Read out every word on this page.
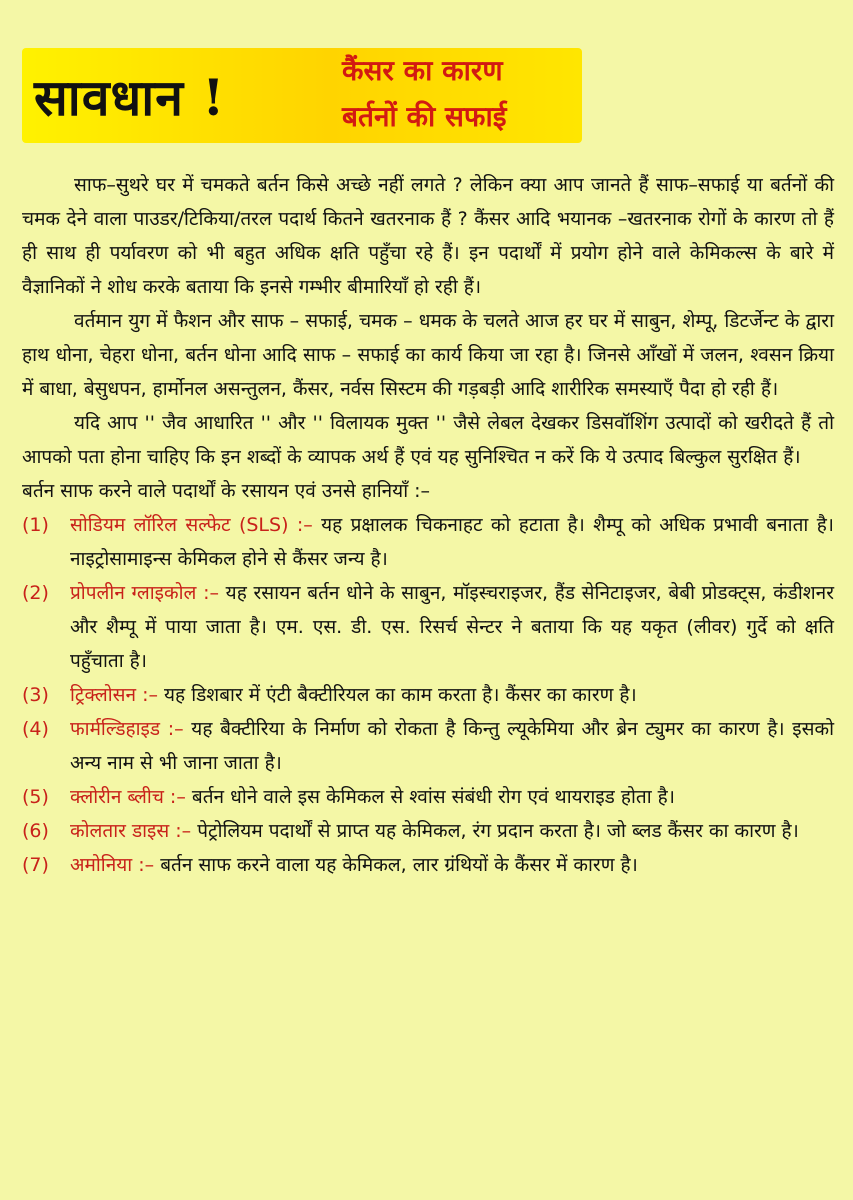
सावधान !	कैंसर का कारण
बर्तनों की सफाई

साफ–सुथरे घर में चमकते बर्तन किसे अच्छे नहीं लगते ? लेकिन क्या आप जानते हैं साफ–सफाई या बर्तनों की चमक देने वाला पाउडर/टिकिया/तरल पदार्थ कितने खतरनाक हैं ? कैंसर आदि भयानक –खतरनाक रोगों के कारण तो हैं ही साथ ही पर्यावरण को भी बहुत अधिक क्षति पहुँचा रहे हैं। इन पदार्थों में प्रयोग होने वाले केमिकल्स के बारे में वैज्ञानिकों ने शोध करके बताया कि इनसे गम्भीर बीमारियाँ हो रही हैं।

वर्तमान युग में फैशन और साफ – सफाई, चमक – धमक के चलते आज हर घर में साबुन, शेम्पू, डिटर्जेन्ट के द्वारा हाथ धोना, चेहरा धोना, बर्तन धोना आदि साफ – सफाई का कार्य किया जा रहा है। जिनसे आँखों में जलन, श्वसन क्रिया में बाधा, बेसुधपन, हार्मोनल असन्तुलन, कैंसर, नर्वस सिस्टम की गड़बड़ी आदि शारीरिक समस्याएँ पैदा हो रही हैं।

यदि आप '' जैव आधारित '' और '' विलायक मुक्त '' जैसे लेबल देखकर डिसवॉशिंग उत्पादों को खरीदते हैं तो आपको पता होना चाहिए कि इन शब्दों के व्यापक अर्थ हैं एवं यह सुनिश्चित न करें कि ये उत्पाद बिल्कुल सुरक्षित हैं।

बर्तन साफ करने वाले पदार्थों के रसायन एवं उनसे हानियाँ :–

(1)	सोडियम लॉरिल सल्फेट (SLS) :– यह प्रक्षालक चिकनाहट को हटाता है। शैम्पू को अधिक प्रभावी बनाता है। नाइट्रोसामाइन्स केमिकल होने से कैंसर जन्य है।
(2)	प्रोपलीन ग्लाइकोल :– यह रसायन बर्तन धोने के साबुन, मॉइस्चराइजर, हैंड सेनिटाइजर, बेबी प्रोडक्ट्स, कंडीशनर और शैम्पू में पाया जाता है। एम. एस. डी. एस. रिसर्च सेन्टर ने बताया कि यह यकृत (लीवर) गुर्दे को क्षति पहुँचाता है।
(3)	ट्रिक्लोसन :– यह डिशबार में एंटी बैक्टीरियल का काम करता है। कैंसर का कारण है।
(4)	फार्मल्डिहाइड :– यह बैक्टीरिया के निर्माण को रोकता है किन्तु ल्यूकेमिया और ब्रेन ट्युमर का कारण है। इसको अन्य नाम से भी जाना जाता है।
(5)	क्लोरीन ब्लीच :– बर्तन धोने वाले इस केमिकल से श्वांस संबंधी रोग एवं थायराइड होता है।
(6)	कोलतार डाइस :– पेट्रोलियम पदार्थों से प्राप्त यह केमिकल, रंग प्रदान करता है। जो ब्लड कैंसर का कारण है।
(7)	अमोनिया :– बर्तन साफ करने वाला यह केमिकल, लार ग्रंथियों के कैंसर में कारण है।
